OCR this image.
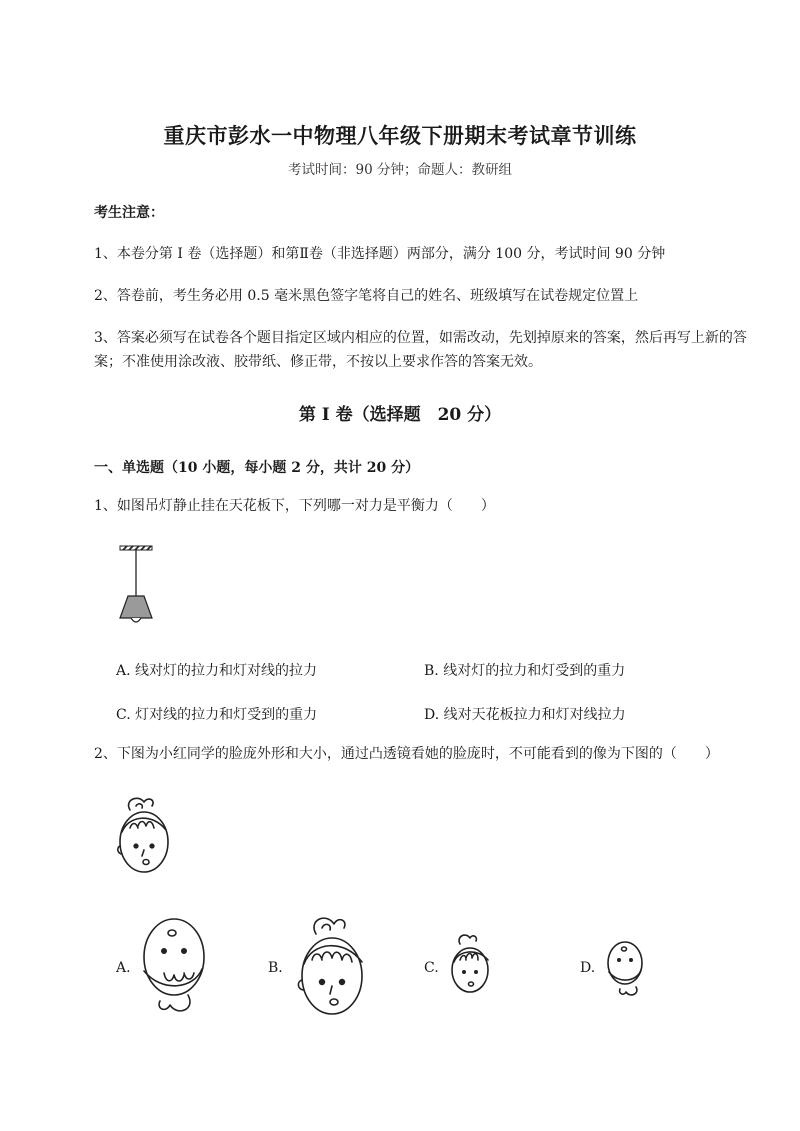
重庆市彭水一中物理八年级下册期末考试章节训练
考试时间：90 分钟；命题人：教研组
考生注意：
1、本卷分第 I 卷（选择题）和第Ⅱ卷（非选择题）两部分，满分 100 分，考试时间 90 分钟
2、答卷前，考生务必用 0.5 毫米黑色签字笔将自己的姓名、班级填写在试卷规定位置上
3、答案必须写在试卷各个题目指定区域内相应的位置，如需改动，先划掉原来的答案，然后再写上新的答案；不准使用涂改液、胶带纸、修正带，不按以上要求作答的答案无效。
第 I 卷（选择题　20 分）
一、单选题（10 小题，每小题 2 分，共计 20 分）
1、如图吊灯静止挂在天花板下，下列哪一对力是平衡力（　　）
A. 线对灯的拉力和灯对线的拉力	B. 线对灯的拉力和灯受到的重力
C. 灯对线的拉力和灯受到的重力	D. 线对天花板拉力和灯对线拉力
2、下图为小红同学的脸庞外形和大小，通过凸透镜看她的脸庞时，不可能看到的像为下图的（　　）
A.	B.	C.	D.
